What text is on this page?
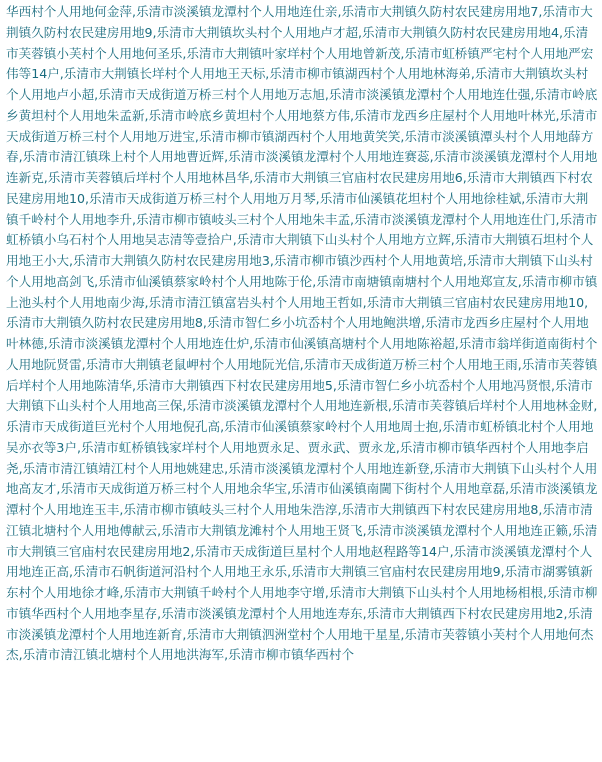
华西村个人用地何金萍,乐清市淡溪镇龙潭村个人用地连仕亲,乐清市大荆镇久防村农民建房用地7,乐清市大荆镇久防村农民建房用地9,乐清市大荆镇坎头村个人用地卢才超,乐清市大荆镇久防村农民建房用地4,乐清市芙蓉镇小芙村个人用地何圣乐,乐清市大荆镇叶家垟村个人用地曾新茂,乐清市虹桥镇严宅村个人用地严宏伟等14户,乐清市大荆镇长垟村个人用地王天标,乐清市柳市镇湖西村个人用地林海弟,乐清市大荆镇坎头村个人用地卢小超,乐清市天成街道万桥三村个人用地万志旭,乐清市淡溪镇龙潭村个人用地连仕强,乐清市岭底乡黄坦村个人用地朱孟新,乐清市岭底乡黄坦村个人用地蔡方伟,乐清市龙西乡庄屋村个人用地叶林光,乐清市天成街道万桥三村个人用地万进宝,乐清市柳市镇湖西村个人用地黄笑笑,乐清市淡溪镇潭头村个人用地薛方春,乐清市清江镇珠上村个人用地曹近辉,乐清市淡溪镇龙潭村个人用地连赛蕊,乐清市淡溪镇龙潭村个人用地连新克,乐清市芙蓉镇后垟村个人用地林昌华,乐清市大荆镇三官庙村农民建房用地6,乐清市大荆镇西下村农民建房用地10,乐清市天成街道万桥三村个人用地万月琴,乐清市仙溪镇花坦村个人用地徐桂斌,乐清市大荆镇千岭村个人用地李升,乐清市柳市镇岐头三村个人用地朱丰孟,乐清市淡溪镇龙潭村个人用地连仕门,乐清市虹桥镇小乌石村个人用地吴志清等壹拾户,乐清市大荆镇下山头村个人用地方立辉,乐清市大荆镇石坦村个人用地王小大,乐清市大荆镇久防村农民建房用地3,乐清市柳市镇沙西村个人用地黄培,乐清市大荆镇下山头村个人用地高剑飞,乐清市仙溪镇蔡家岭村个人用地陈于伦,乐清市南塘镇南塘村个人用地郑宣友,乐清市柳市镇上池头村个人用地南少海,乐清市清江镇富岩头村个人用地王哲如,乐清市大荆镇三官庙村农民建房用地10,乐清市大荆镇久防村农民建房用地8,乐清市智仁乡小坑岙村个人用地鲍洪增,乐清市龙西乡庄屋村个人用地叶林德,乐清市淡溪镇龙潭村个人用地连仕炉,乐清市仙溪镇高塘村个人用地陈裕超,乐清市翁垟街道南街村个人用地阮贤雷,乐清市大荆镇老鼠岬村个人用地阮光信,乐清市天成街道万桥三村个人用地王雨,乐清市芙蓉镇后垟村个人用地陈清华,乐清市大荆镇西下村农民建房用地5,乐清市智仁乡小坑岙村个人用地冯贤恨,乐清市大荆镇下山头村个人用地高三保,乐清市淡溪镇龙潭村个人用地连新根,乐清市芙蓉镇后垟村个人用地林金财,乐清市天成街道巨光村个人用地倪孔高,乐清市仙溪镇蔡家岭村个人用地周士抱,乐清市虹桥镇北村个人用地吴亦衣等3户,乐清市虹桥镇钱家垟村个人用地贾永足、贾永武、贾永龙,乐清市柳市镇华西村个人用地李启尧,乐清市清江镇靖江村个人用地姚建忠,乐清市淡溪镇龙潭村个人用地连新登,乐清市大荆镇下山头村个人用地高友才,乐清市天成街道万桥三村个人用地余华宝,乐清市仙溪镇南閫下街村个人用地章磊,乐清市淡溪镇龙潭村个人用地连玉丰,乐清市柳市镇岐头三村个人用地朱浩淳,乐清市大荆镇西下村农民建房用地8,乐清市清江镇北塘村个人用地傅献云,乐清市大荆镇龙滩村个人用地王贤飞,乐清市淡溪镇龙潭村个人用地连正籁,乐清市大荆镇三官庙村农民建房用地2,乐清市天成街道巨星村个人用地赵程路等14户,乐清市淡溪镇龙潭村个人用地连正高,乐清市石帆街道河沿村个人用地王永乐,乐清市大荆镇三官庙村农民建房用地9,乐清市湖雾镇新东村个人用地徐才峰,乐清市大荆镇千岭村个人用地李守增,乐清市大荆镇下山头村个人用地杨相根,乐清市柳市镇华西村个人用地李星存,乐清市淡溪镇龙潭村个人用地连寿东,乐清市大荆镇西下村农民建房用地2,乐清市淡溪镇龙潭村个人用地连新育,乐清市大荆镇泗洲堂村个人用地干星星,乐清市芙蓉镇小芙村个人用地何杰杰,乐清市清江镇北塘村个人用地洪海军,乐清市柳市镇华西村个
